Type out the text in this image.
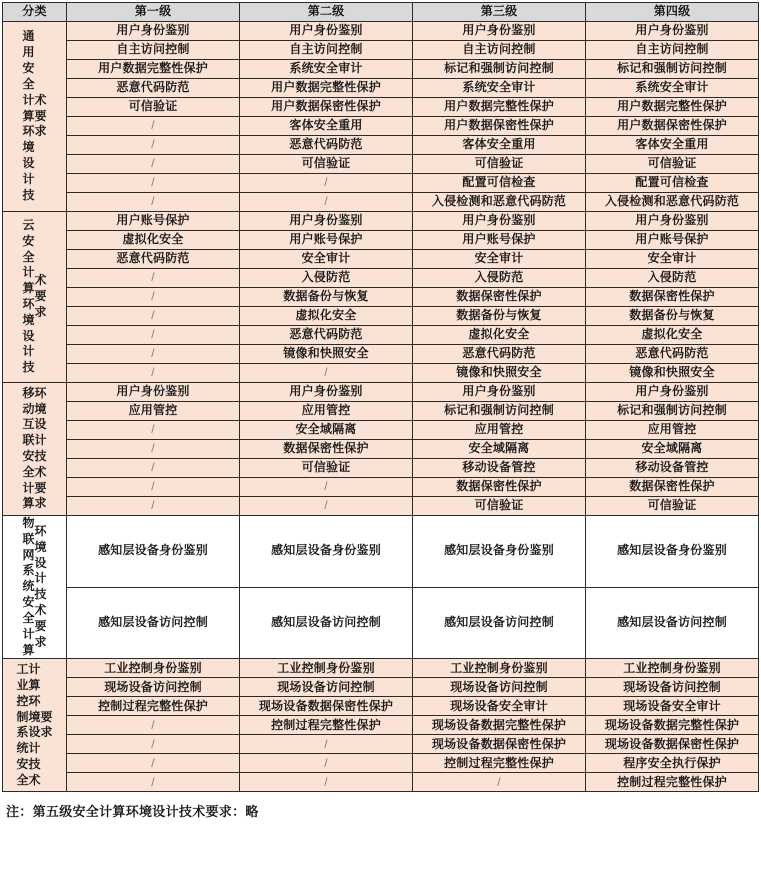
分类	第一级	第二级	第三级	第四级

通
用
安
全
计
算
环
境
设
计
技
术
要
求
	用户身份鉴别	用户身份鉴别	用户身份鉴别	用户身份鉴别
	自主访问控制	自主访问控制	自主访问控制	自主访问控制
	用户数据完整性保护	系统安全审计	标记和强制访问控制	标记和强制访问控制
	恶意代码防范	用户数据完整性保护	系统安全审计	系统安全审计
	可信验证	用户数据保密性保护	用户数据完整性保护	用户数据完整性保护
	/	客体安全重用	用户数据保密性保护	用户数据保密性保护
	/	恶意代码防范	客体安全重用	客体安全重用
	/	可信验证	可信验证	可信验证
	/	/	配置可信检查	配置可信检查
	/	/	入侵检测和恶意代码防范	入侵检测和恶意代码防范

云
安
全
计
算
环
境
设
计
技
术
要
求
	用户账号保护	用户身份鉴别	用户身份鉴别	用户身份鉴别
	虚拟化安全	用户账号保护	用户账号保护	用户账号保护
	恶意代码防范	安全审计	安全审计	安全审计
	/	入侵防范	入侵防范	入侵防范
	/	数据备份与恢复	数据保密性保护	数据保密性保护
	/	虚拟化安全	数据备份与恢复	数据备份与恢复
	/	恶意代码防范	虚拟化安全	虚拟化安全
	/	镜像和快照安全	恶意代码防范	恶意代码防范
	/	/	镜像和快照安全	镜像和快照安全

移
动
互
联
安
全
计
算
环
境
设
计
技
术
要
求
	用户身份鉴别	用户身份鉴别	用户身份鉴别	用户身份鉴别
	应用管控	应用管控	标记和强制访问控制	标记和强制访问控制
	/	安全域隔离	应用管控	应用管控
	/	数据保密性保护	安全域隔离	安全域隔离
	/	可信验证	移动设备管控	移动设备管控
	/	/	数据保密性保护	数据保密性保护
	/	/	可信验证	可信验证

物
联
网
系
统
安
全
计
算
环
境
设
计
技
术
要
求
	感知层设备身份鉴别	感知层设备身份鉴别	感知层设备身份鉴别	感知层设备身份鉴别
	感知层设备访问控制	感知层设备访问控制	感知层设备访问控制	感知层设备访问控制

工
业
控
制
系
统
安
全
计
算
环
境
设
计
技
术
要
求
	工业控制身份鉴别	工业控制身份鉴别	工业控制身份鉴别	工业控制身份鉴别
	现场设备访问控制	现场设备访问控制	现场设备访问控制	现场设备访问控制
	控制过程完整性保护	现场设备数据保密性保护	现场设备安全审计	现场设备安全审计
	/	控制过程完整性保护	现场设备数据完整性保护	现场设备数据完整性保护
	/	/	现场设备数据保密性保护	现场设备数据保密性保护
	/	/	控制过程完整性保护	程序安全执行保护
	/	/	/	控制过程完整性保护
注：第五级安全计算环境设计技术要求：略
